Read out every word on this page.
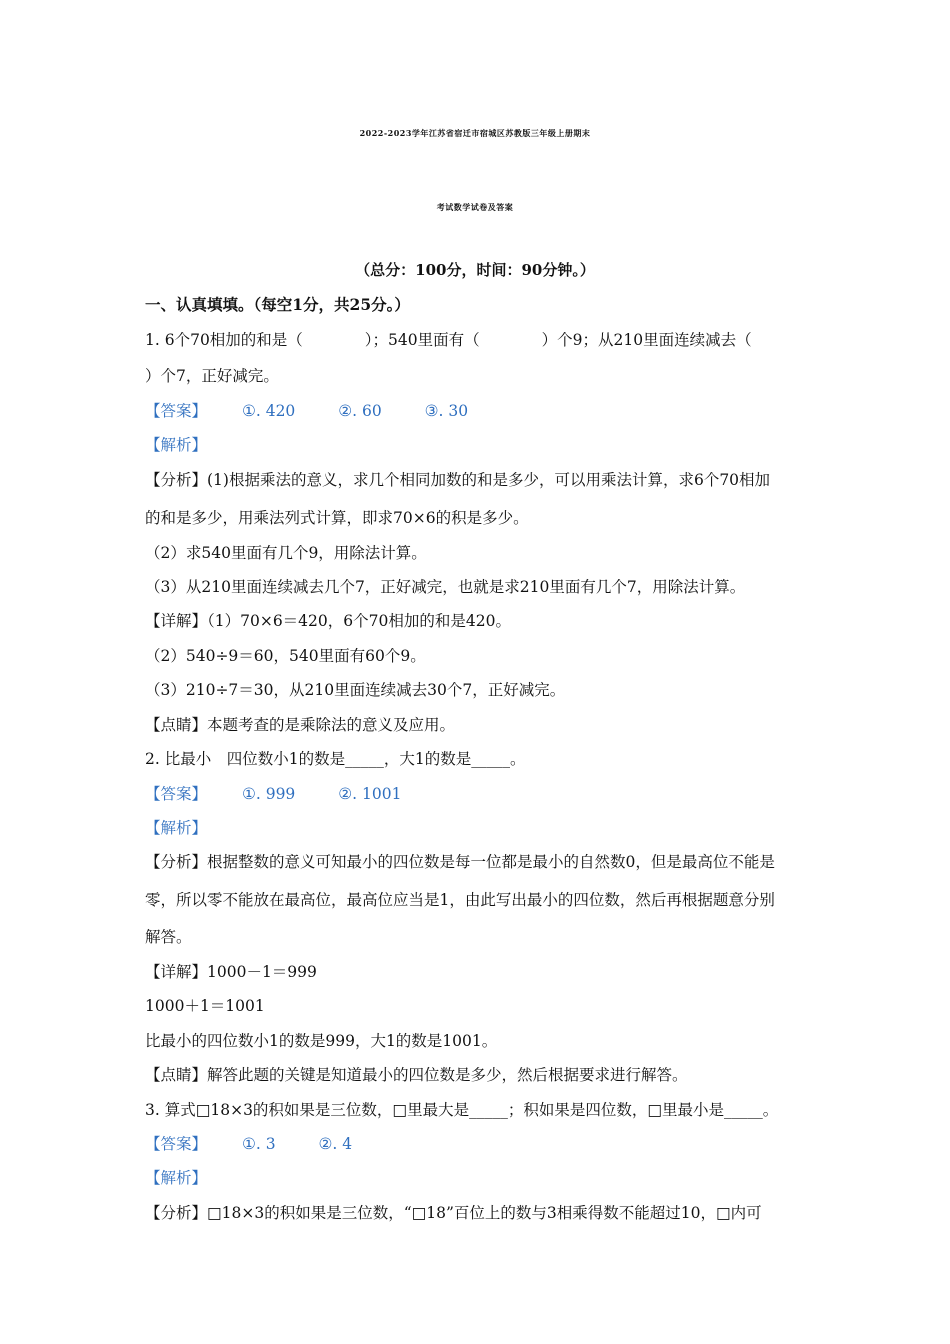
2022-2023学年江苏省宿迁市宿城区苏教版三年级上册期末
考试数学试卷及答案
（总分：100分，时间：90分钟。）
一、认真填填。（每空1分，共25分。）
1. 6个70相加的和是（　　　　）；540里面有（　　　　）个9；从210里面连续减去（
）个7，正好减完。
【答案】 ①. 420	②. 60	③. 30
【解析】
【分析】(1)根据乘法的意义，求几个相同加数的和是多少，可以用乘法计算，求6个70相加
的和是多少，用乘法列式计算，即求70×6的积是多少。
（2）求540里面有几个9，用除法计算。
（3）从210里面连续减去几个7，正好减完，也就是求210里面有几个7，用除法计算。
【详解】（1）70×6＝420，6个70相加的和是420。
（2）540÷9＝60，540里面有60个9。
（3）210÷7＝30，从210里面连续减去30个7，正好减完。
【点睛】本题考查的是乘除法的意义及应用。
2. 比最小　四位数小1的数是_____，大1的数是_____。
【答案】 ①. 999	②. 1001
【解析】
【分析】根据整数的意义可知最小的四位数是每一位都是最小的自然数0，但是最高位不能是
零，所以零不能放在最高位，最高位应当是1，由此写出最小的四位数，然后再根据题意分别
解答。
【详解】1000－1＝999
1000＋1＝1001
比最小的四位数小1的数是999，大1的数是1001。
【点睛】解答此题的关键是知道最小的四位数是多少，然后根据要求进行解答。
3. 算式□18×3的积如果是三位数，□里最大是_____；积如果是四位数，□里最小是_____。
【答案】 ①. 3	②. 4
【解析】
【分析】□18×3的积如果是三位数，“□18”百位上的数与3相乘得数不能超过10，□内可
